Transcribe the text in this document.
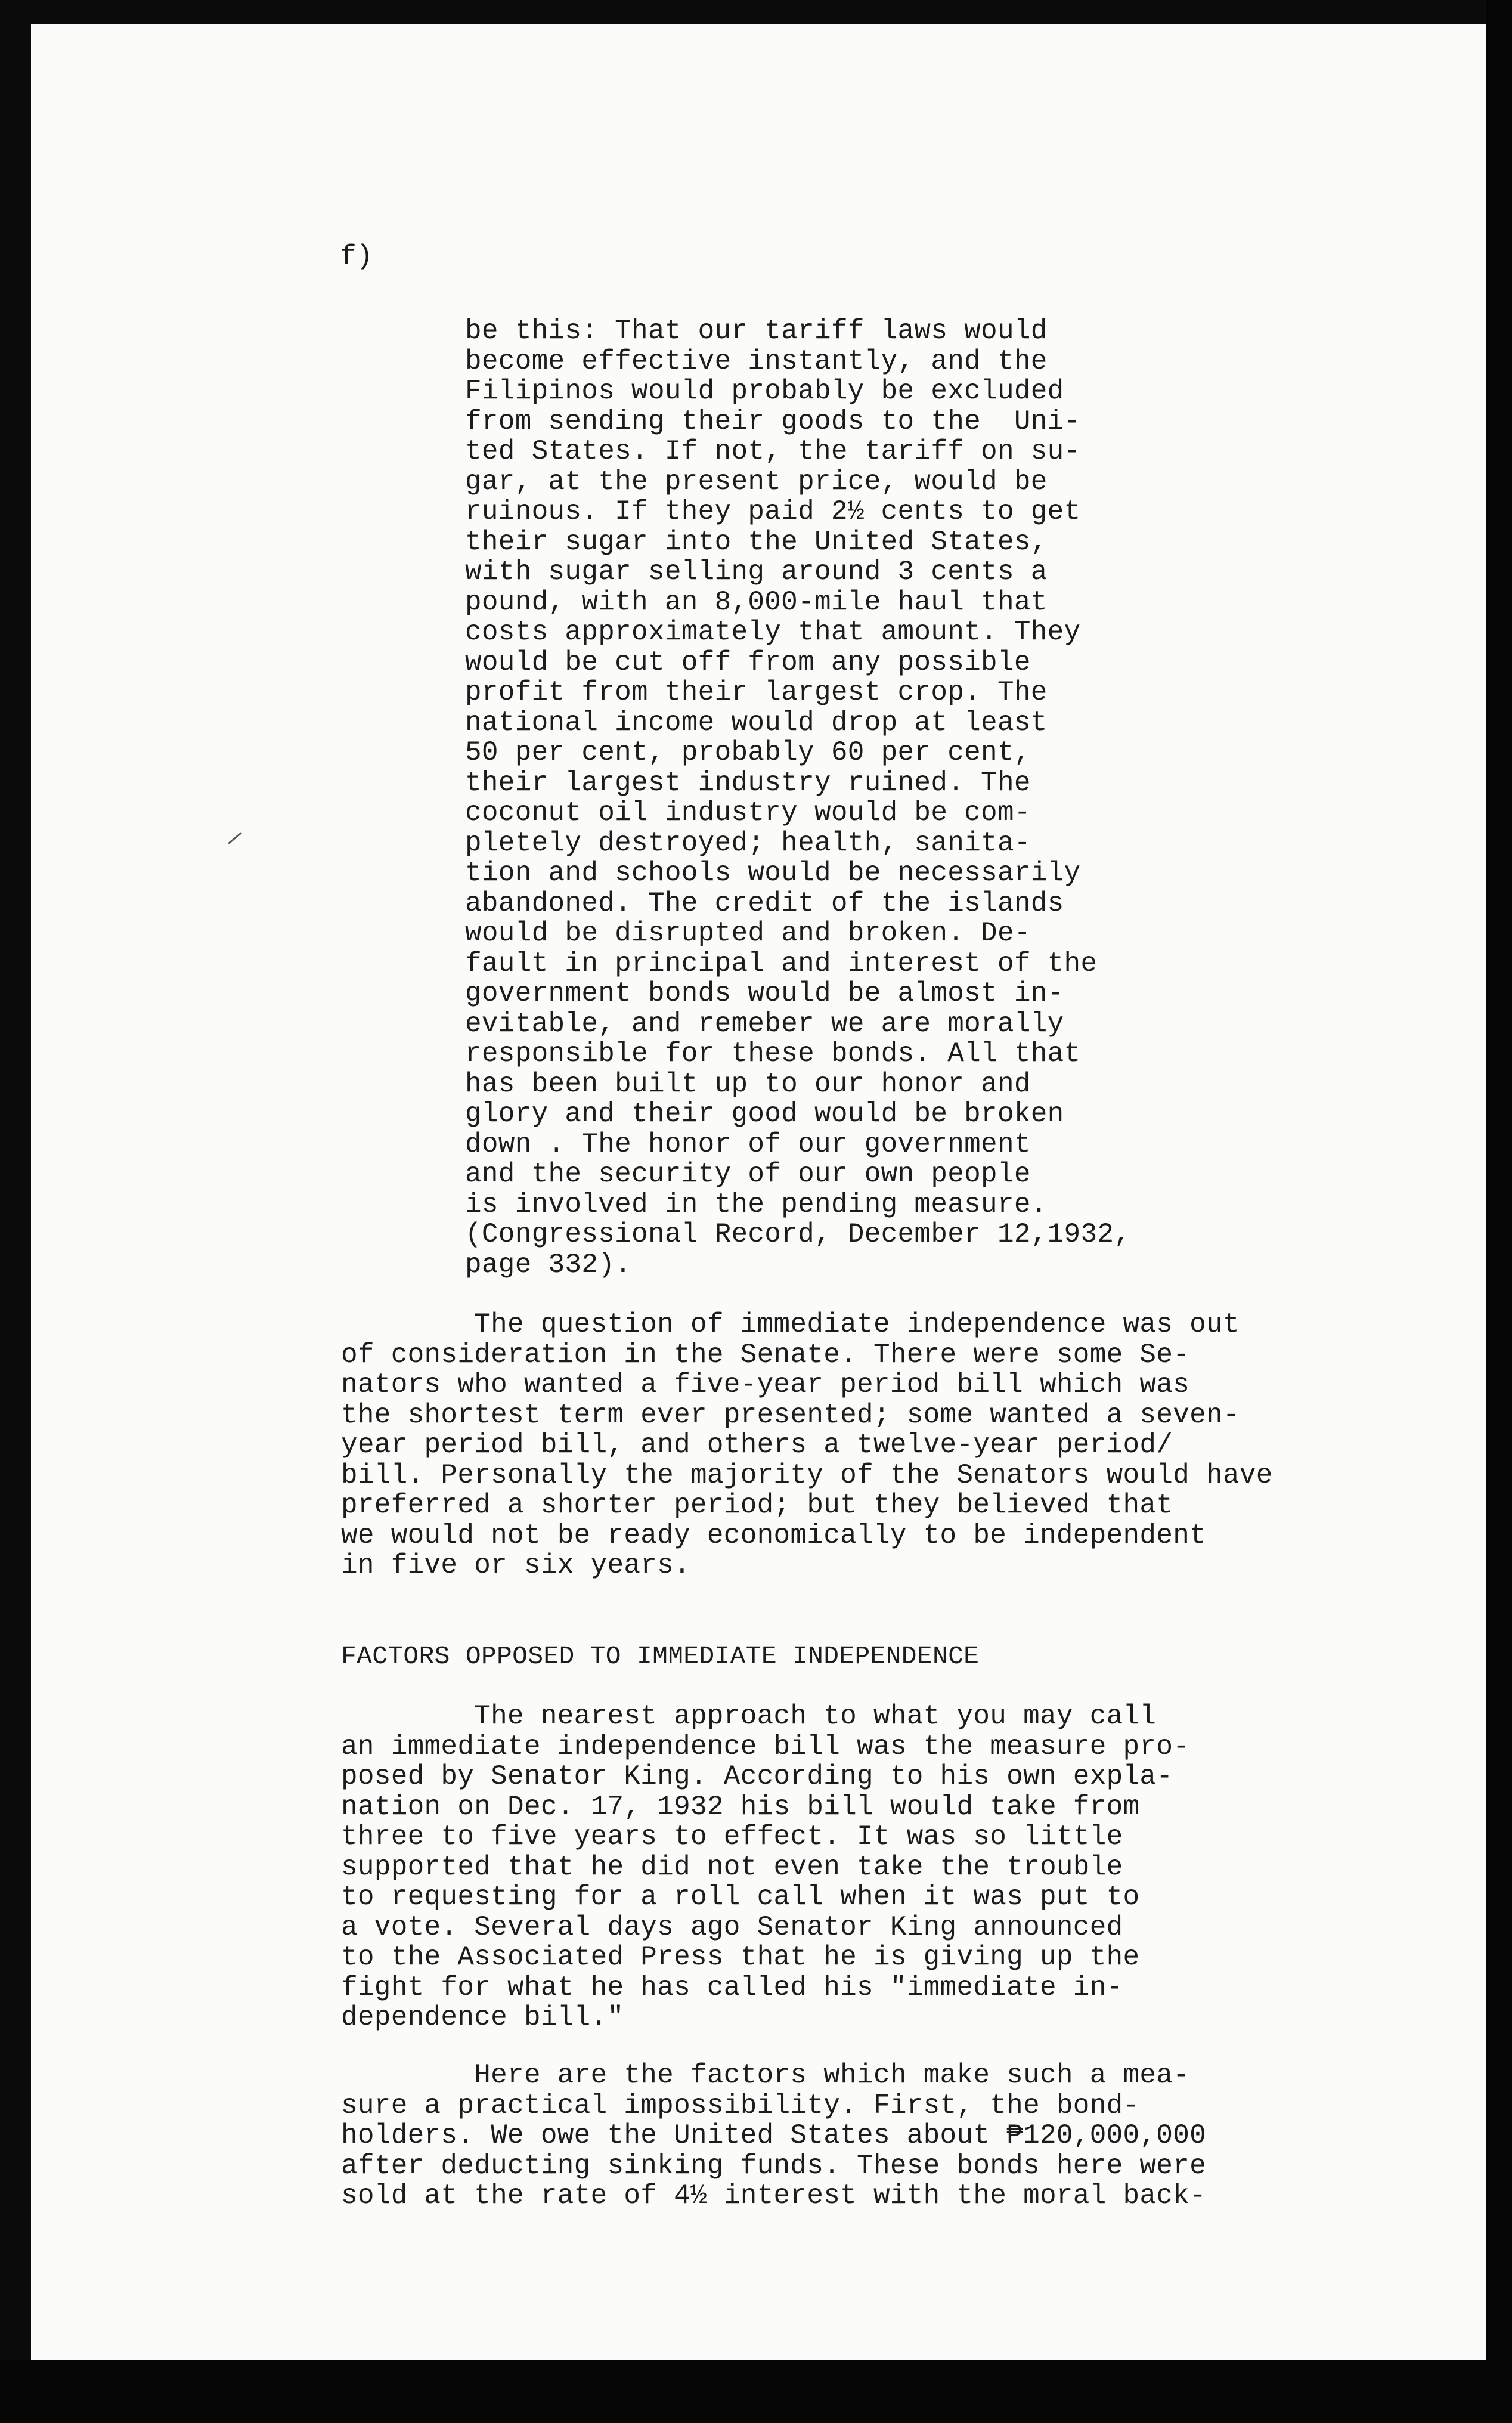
f)
be this: That our tariff laws would
become effective instantly, and the
Filipinos would probably be excluded
from sending their goods to the  Uni-
ted States. If not, the tariff on su-
gar, at the present price, would be
ruinous. If they paid 2½ cents to get
their sugar into the United States,
with sugar selling around 3 cents a
pound, with an 8,000-mile haul that
costs approximately that amount. They
would be cut off from any possible
profit from their largest crop. The
national income would drop at least
50 per cent, probably 60 per cent,
their largest industry ruined. The
coconut oil industry would be com-
pletely destroyed; health, sanita-
tion and schools would be necessarily
abandoned. The credit of the islands
would be disrupted and broken. De-
fault in principal and interest of the
government bonds would be almost in-
evitable, and remeber we are morally
responsible for these bonds. All that
has been built up to our honor and
glory and their good would be broken
down . The honor of our government
and the security of our own people
is involved in the pending measure.
(Congressional Record, December 12,1932,
page 332).
The question of immediate independence was out
of consideration in the Senate. There were some Se-
nators who wanted a five-year period bill which was
the shortest term ever presented; some wanted a seven-
year period bill, and others a twelve-year period/
bill. Personally the majority of the Senators would have
preferred a shorter period; but they believed that
we would not be ready economically to be independent
in five or six years.
FACTORS OPPOSED TO IMMEDIATE INDEPENDENCE
The nearest approach to what you may call
an immediate independence bill was the measure pro-
posed by Senator King. According to his own expla-
nation on Dec. 17, 1932 his bill would take from
three to five years to effect. It was so little
supported that he did not even take the trouble
to requesting for a roll call when it was put to
a vote. Several days ago Senator King announced
to the Associated Press that he is giving up the
fight for what he has called his "immediate in-
dependence bill."
Here are the factors which make such a mea-
sure a practical impossibility. First, the bond-
holders. We owe the United States about ₱120,000,000
after deducting sinking funds. These bonds here were
sold at the rate of 4½ interest with the moral back-
